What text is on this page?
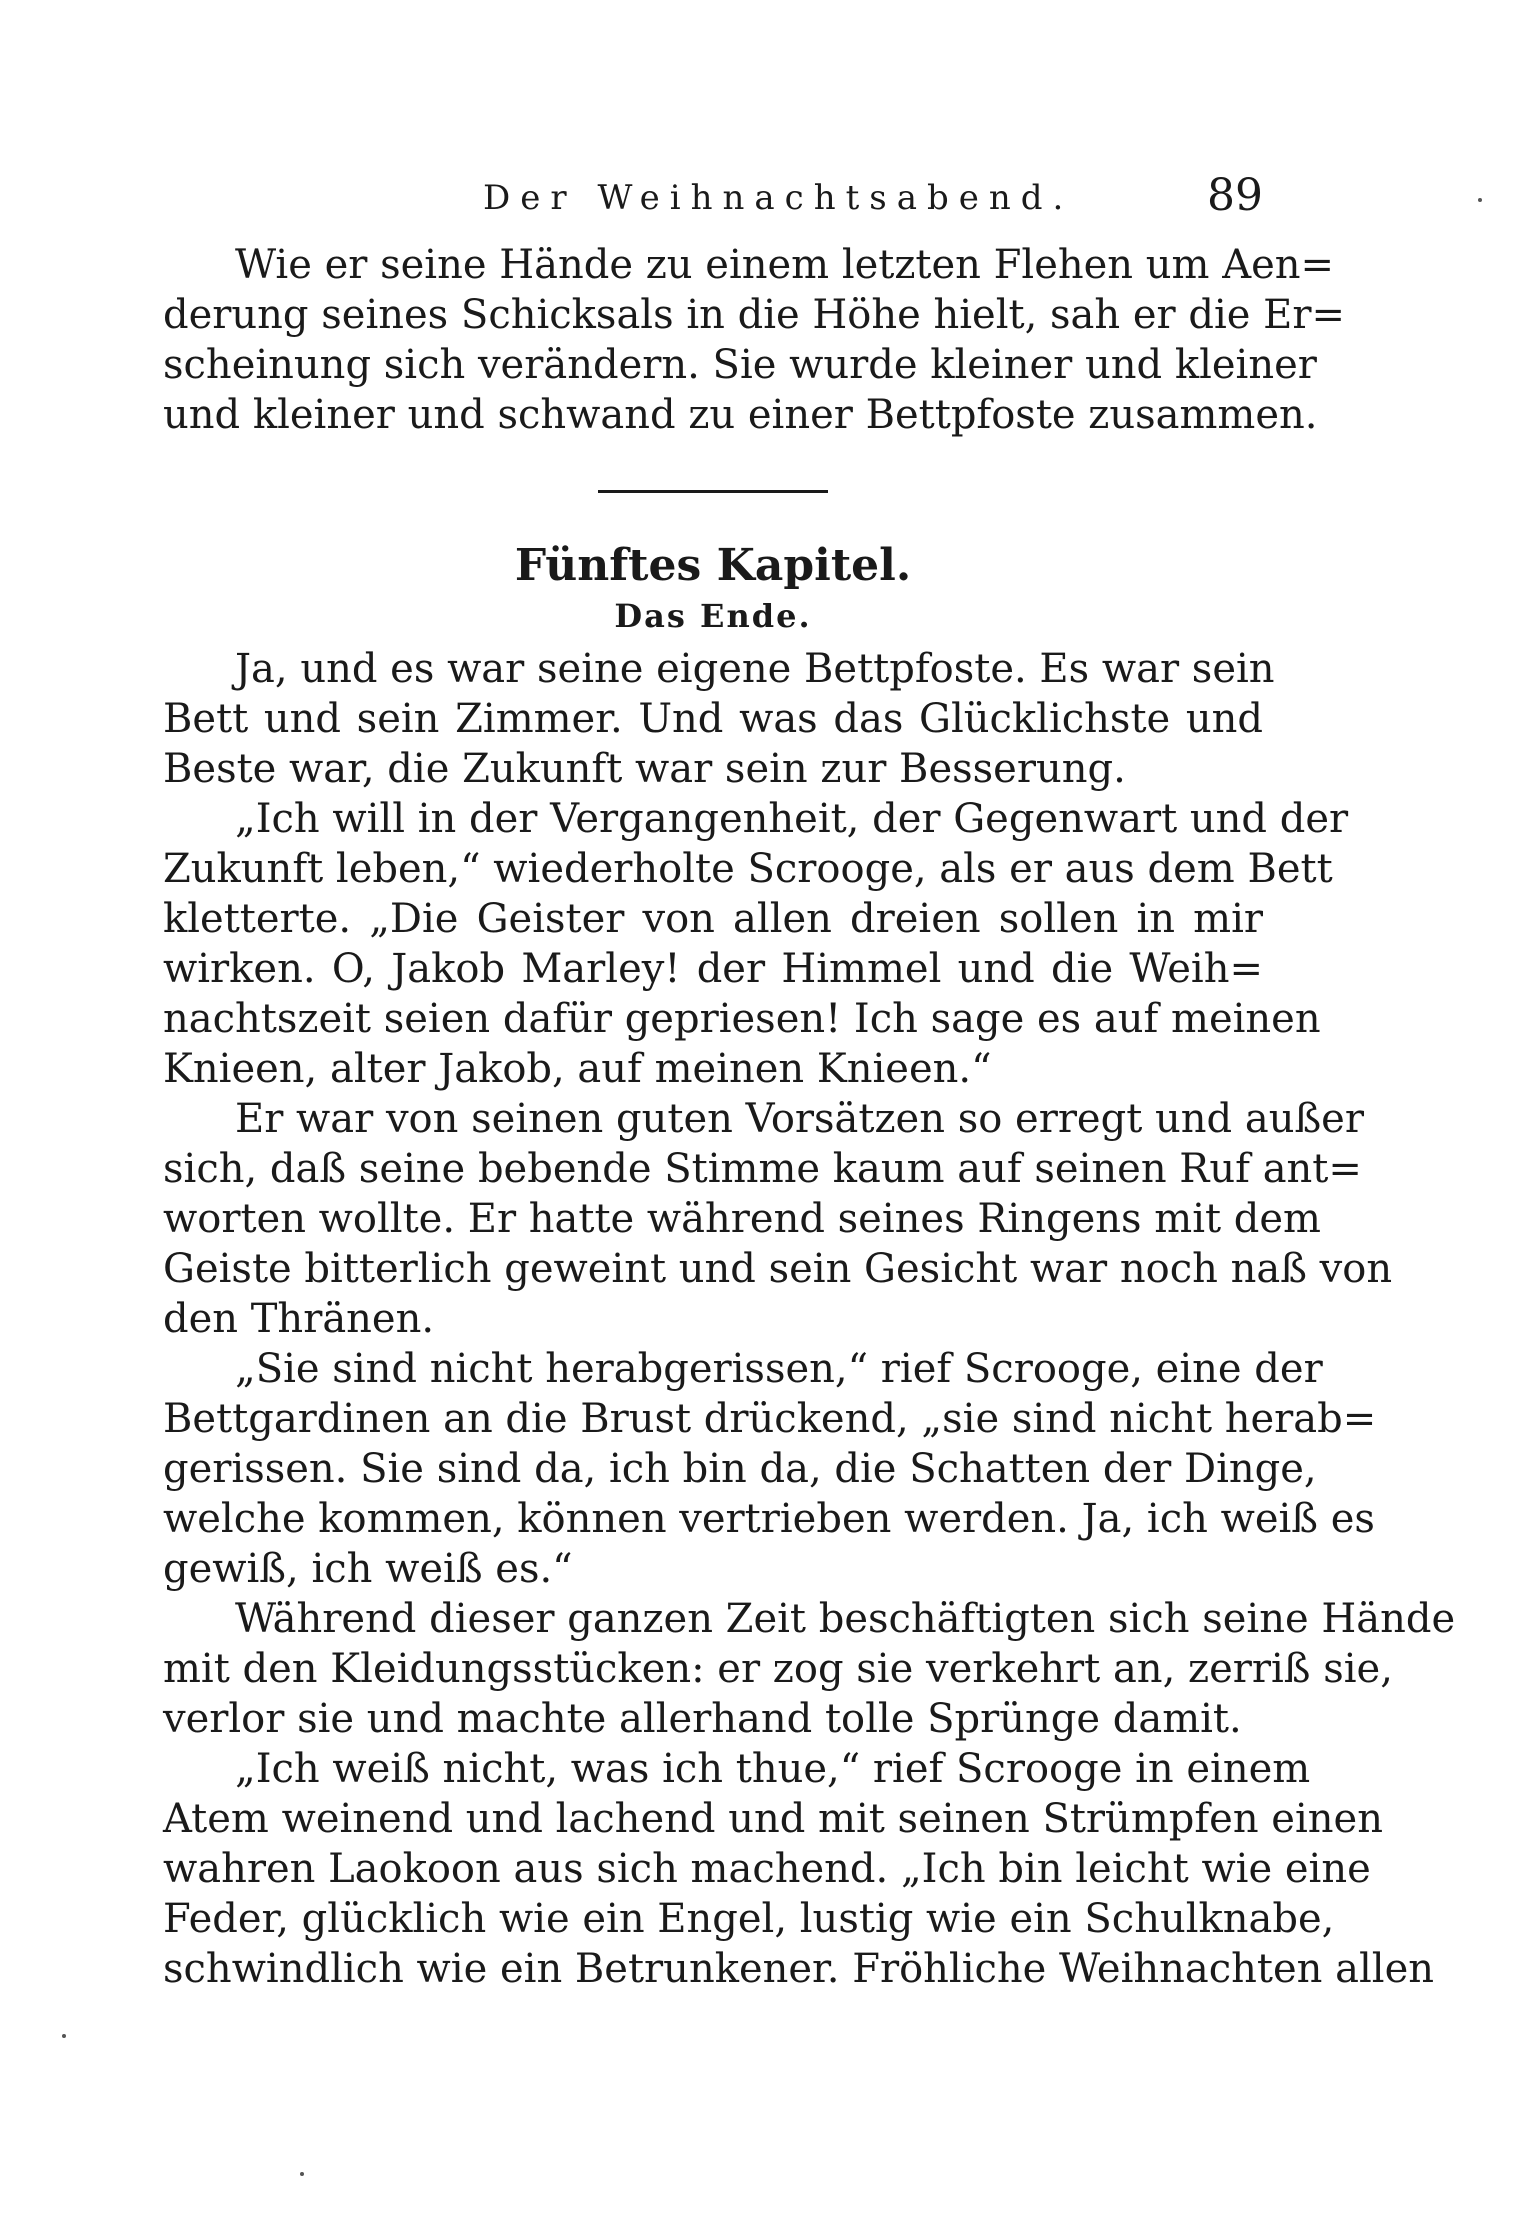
Der Weihnachtsabend.	89
Wie er seine Hände zu einem letzten Flehen um Aen=
derung seines Schicksals in die Höhe hielt, sah er die Er=
scheinung sich verändern. Sie wurde kleiner und kleiner
und kleiner und schwand zu einer Bettpfoste zusammen.
Fünftes Kapitel.
Das Ende.
Ja, und es war seine eigene Bettpfoste. Es war sein
Bett und sein Zimmer. Und was das Glücklichste und
Beste war, die Zukunft war sein zur Besserung.
„Ich will in der Vergangenheit, der Gegenwart und der
Zukunft leben,“ wiederholte Scrooge, als er aus dem Bett
kletterte. „Die Geister von allen dreien sollen in mir
wirken. O, Jakob Marley! der Himmel und die Weih=
nachtszeit seien dafür gepriesen! Ich sage es auf meinen
Knieen, alter Jakob, auf meinen Knieen.“
Er war von seinen guten Vorsätzen so erregt und außer
sich, daß seine bebende Stimme kaum auf seinen Ruf ant=
worten wollte. Er hatte während seines Ringens mit dem
Geiste bitterlich geweint und sein Gesicht war noch naß von
den Thränen.
„Sie sind nicht herabgerissen,“ rief Scrooge, eine der
Bettgardinen an die Brust drückend, „sie sind nicht herab=
gerissen. Sie sind da, ich bin da, die Schatten der Dinge,
welche kommen, können vertrieben werden. Ja, ich weiß es
gewiß, ich weiß es.“
Während dieser ganzen Zeit beschäftigten sich seine Hände
mit den Kleidungsstücken: er zog sie verkehrt an, zerriß sie,
verlor sie und machte allerhand tolle Sprünge damit.
„Ich weiß nicht, was ich thue,“ rief Scrooge in einem
Atem weinend und lachend und mit seinen Strümpfen einen
wahren Laokoon aus sich machend. „Ich bin leicht wie eine
Feder, glücklich wie ein Engel, lustig wie ein Schulknabe,
schwindlich wie ein Betrunkener. Fröhliche Weihnachten allen
